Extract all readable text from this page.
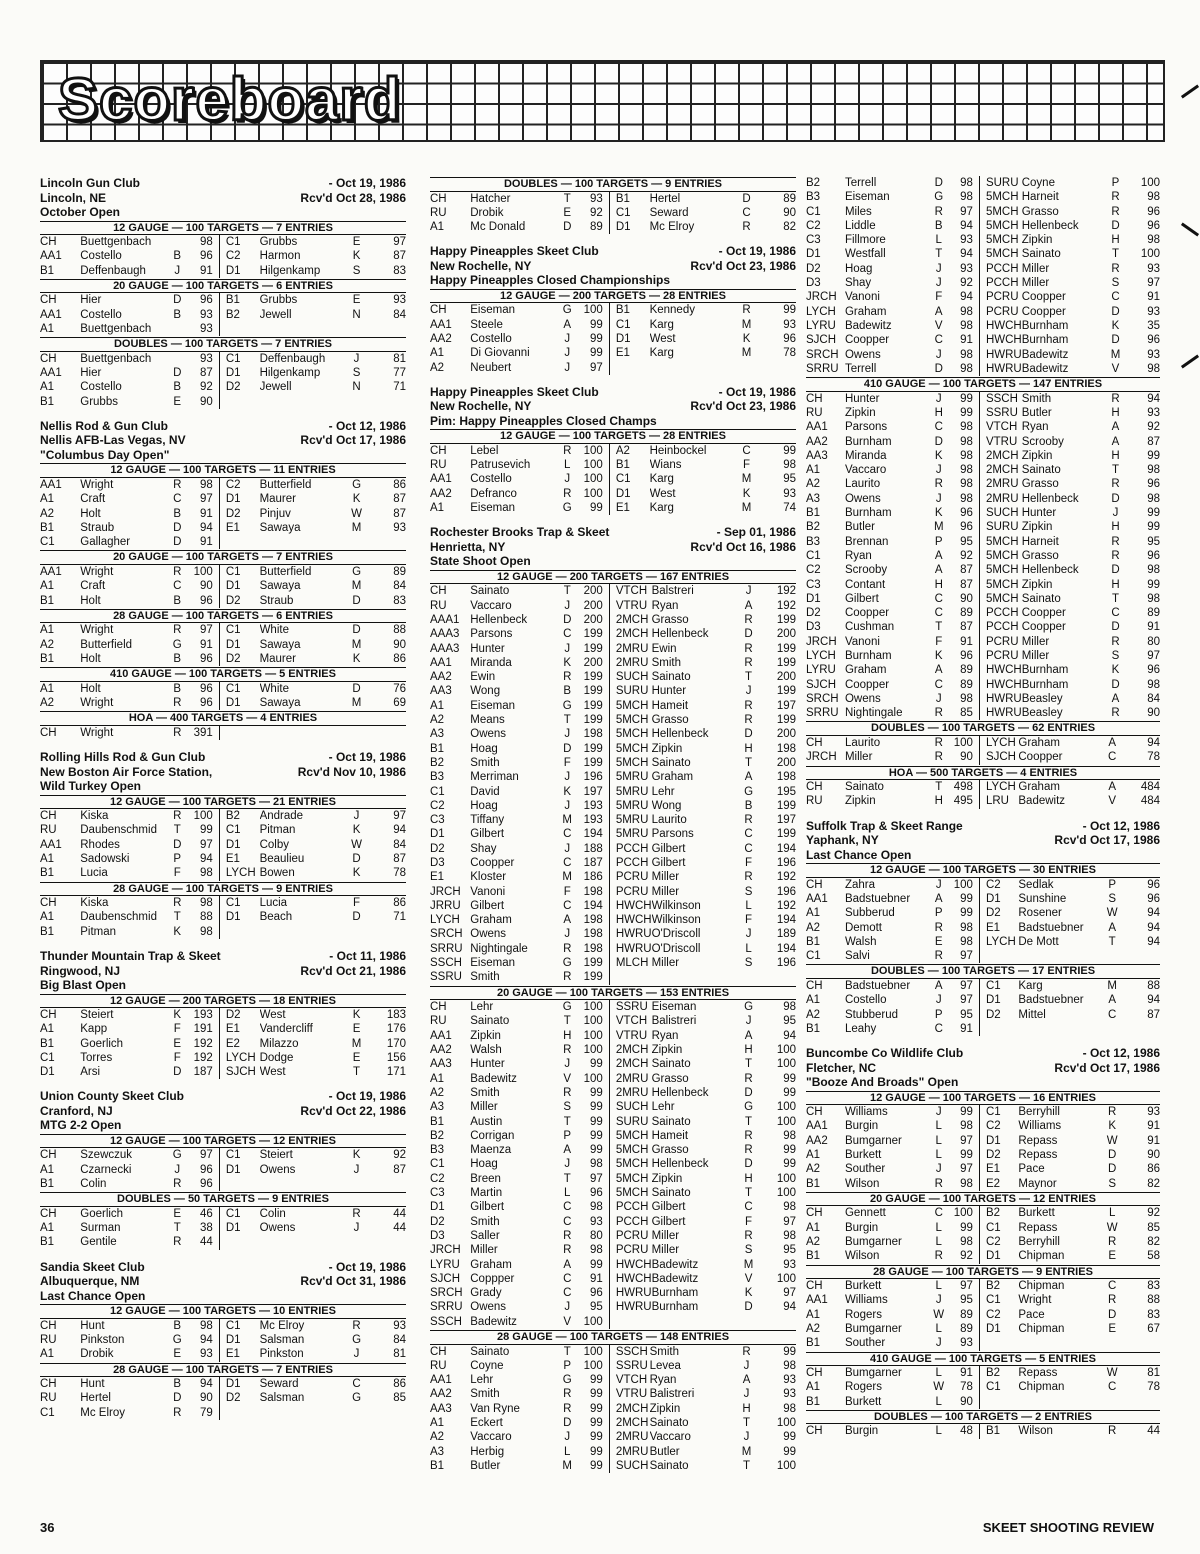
Scoreboard
Lincoln Gun Club	- Oct 19, 1986
Lincoln, NE	Rcv'd Oct 28, 1986
October Open
12 GAUGE — 100 TARGETS — 7 ENTRIES
CH	Buettgenbach		98	C1	Grubbs	E	97
AA1	Costello	B	96	C2	Harmon	K	87
B1	Deffenbaugh	J	91	D1	Hilgenkamp	S	83
20 GAUGE — 100 TARGETS — 6 ENTRIES
CH	Hier	D	96	B1	Grubbs	E	93
AA1	Costello	B	93	B2	Jewell	N	84
A1	Buettgenbach		93				
DOUBLES — 100 TARGETS — 7 ENTRIES
CH	Buettgenbach		93	C1	Deffenbaugh	J	81
AA1	Hier	D	87	D1	Hilgenkamp	S	77
A1	Costello	B	92	D2	Jewell	N	71
B1	Grubbs	E	90				
Nellis Rod & Gun Club	- Oct 12, 1986
Nellis AFB-Las Vegas, NV	Rcv'd Oct 17, 1986
"Columbus Day Open"
12 GAUGE — 100 TARGETS — 11 ENTRIES
AA1	Wright	R	98	C2	Butterfield	G	86
A1	Craft	C	97	D1	Maurer	K	87
A2	Holt	B	91	D2	Pinjuv	W	87
B1	Straub	D	94	E1	Sawaya	M	93
C1	Gallagher	D	91				
20 GAUGE — 100 TARGETS — 7 ENTRIES
AA1	Wright	R	100	C1	Butterfield	G	89
A1	Craft	C	90	D1	Sawaya	M	84
B1	Holt	B	96	D2	Straub	D	83
28 GAUGE — 100 TARGETS — 6 ENTRIES
A1	Wright	R	97	C1	White	D	88
A2	Butterfield	G	91	D1	Sawaya	M	90
B1	Holt	B	96	D2	Maurer	K	86
410 GAUGE — 100 TARGETS — 5 ENTRIES
A1	Holt	B	96	C1	White	D	76
A2	Wright	R	96	D1	Sawaya	M	69
HOA — 400 TARGETS — 4 ENTRIES
CH	Wright	R	391				
Rolling Hills Rod & Gun Club	- Oct 19, 1986
New Boston Air Force Station,	Rcv'd Nov 10, 1986
Wild Turkey Open
12 GAUGE — 100 TARGETS — 21 ENTRIES
CH	Kiska	R	100	B2	Andrade	J	97
RU	Daubenschmid	T	99	C1	Pitman	K	94
AA1	Rhodes	D	97	D1	Colby	W	84
A1	Sadowski	P	94	E1	Beaulieu	D	87
B1	Lucia	F	98	LYCH	Bowen	K	78
28 GAUGE — 100 TARGETS — 9 ENTRIES
CH	Kiska	R	98	C1	Lucia	F	86
A1	Daubenschmid	T	88	D1	Beach	D	71
B1	Pitman	K	98				
Thunder Mountain Trap & Skeet	- Oct 11, 1986
Ringwood, NJ	Rcv'd Oct 21, 1986
Big Blast Open
12 GAUGE — 200 TARGETS — 18 ENTRIES
CH	Steiert	K	193	D2	West	K	183
A1	Kapp	F	191	E1	Vandercliff	E	176
B1	Goerlich	E	192	E2	Milazzo	M	170
C1	Torres	F	192	LYCH	Dodge	E	156
D1	Arsi	D	187	SJCH	West	T	171
Union County Skeet Club	- Oct 19, 1986
Cranford, NJ	Rcv'd Oct 22, 1986
MTG 2-2 Open
12 GAUGE — 100 TARGETS — 12 ENTRIES
CH	Szewczuk	G	97	C1	Steiert	K	92
A1	Czarnecki	J	96	D1	Owens	J	87
B1	Colin	R	96				
DOUBLES — 50 TARGETS — 9 ENTRIES
CH	Goerlich	E	46	C1	Colin	R	44
A1	Surman	T	38	D1	Owens	J	44
B1	Gentile	R	44				
Sandia Skeet Club	- Oct 19, 1986
Albuquerque, NM	Rcv'd Oct 31, 1986
Last Chance Open
12 GAUGE — 100 TARGETS — 10 ENTRIES
CH	Hunt	B	98	C1	Mc Elroy	R	93
RU	Pinkston	G	94	D1	Salsman	G	84
A1	Drobik	E	93	E1	Pinkston	J	81
28 GAUGE — 100 TARGETS — 7 ENTRIES
CH	Hunt	B	94	D1	Seward	C	86
RU	Hertel	D	90	D2	Salsman	G	85
C1	Mc Elroy	R	79				
DOUBLES — 100 TARGETS — 9 ENTRIES
CH	Hatcher	T	93	B1	Hertel	D	89
RU	Drobik	E	92	C1	Seward	C	90
A1	Mc Donald	D	89	D1	Mc Elroy	R	82
Happy Pineapples Skeet Club	- Oct 19, 1986
New Rochelle, NY	Rcv'd Oct 23, 1986
Happy Pineapples Closed Championships
12 GAUGE — 200 TARGETS — 28 ENTRIES
CH	Eiseman	G	100	B1	Kennedy	R	99
AA1	Steele	A	99	C1	Karg	M	93
AA2	Costello	J	99	D1	West	K	96
A1	Di Giovanni	J	99	E1	Karg	M	78
A2	Neubert	J	97				
Happy Pineapples Skeet Club	- Oct 19, 1986
New Rochelle, NY	Rcv'd Oct 23, 1986
Pim: Happy Pineapples Closed Champs
12 GAUGE — 100 TARGETS — 28 ENTRIES
CH	Lebel	R	100	A2	Heinbockel	C	99
RU	Patrusevich	L	100	B1	Wians	F	98
AA1	Costello	J	100	C1	Karg	M	95
AA2	Defranco	R	100	D1	West	K	93
A1	Eiseman	G	99	E1	Karg	M	74
Rochester Brooks Trap & Skeet	- Sep 01, 1986
Henrietta, NY	Rcv'd Oct 16, 1986
State Shoot Open
12 GAUGE — 200 TARGETS — 167 ENTRIES
CH	Sainato	T	200	VTCH	Balstreri	J	192
RU	Vaccaro	J	200	VTRU	Ryan	A	192
AAA1	Hellenbeck	D	200	2MCH	Grasso	R	199
AAA3	Parsons	C	199	2MCH	Hellenbeck	D	200
AAA3	Hunter	J	199	2MRU	Ewin	R	199
AA1	Miranda	K	200	2MRU	Smith	R	199
AA2	Ewin	R	199	SUCH	Sainato	T	200
AA3	Wong	B	199	SURU	Hunter	J	199
A1	Eiseman	G	199	5MCH	Hameit	R	197
A2	Means	T	199	5MCH	Grasso	R	199
A3	Owens	J	198	5MCH	Hellenbeck	D	200
B1	Hoag	D	199	5MCH	Zipkin	H	198
B2	Smith	F	199	5MCH	Sainato	T	200
B3	Merriman	J	196	5MRU	Graham	A	198
C1	David	K	197	5MRU	Lehr	G	195
C2	Hoag	J	193	5MRU	Wong	B	199
C3	Tiffany	M	193	5MRU	Laurito	R	197
D1	Gilbert	C	194	5MRU	Parsons	C	199
D2	Shay	J	188	PCCH	Gilbert	C	194
D3	Coopper	C	187	PCCH	Gilbert	F	196
E1	Kloster	M	186	PCRU	Miller	R	192
JRCH	Vanoni	F	198	PCRU	Miller	S	196
JRRU	Gilbert	C	194	HWCH	Wilkinson	L	192
LYCH	Graham	A	198	HWCH	Wilkinson	F	194
SRCH	Owens	J	198	HWRU	O'Driscoll	J	189
SRRU	Nightingale	R	198	HWRU	O'Driscoll	L	194
SSCH	Eiseman	G	199	MLCH	Miller	S	196
SSRU	Smith	R	199				
20 GAUGE — 100 TARGETS — 153 ENTRIES
CH	Lehr	G	100	SSRU	Eiseman	G	98
RU	Sainato	T	100	VTCH	Balistreri	J	95
AA1	Zipkin	H	100	VTRU	Ryan	A	94
AA2	Walsh	R	100	2MCH	Zipkin	H	100
AA3	Hunter	J	99	2MCH	Sainato	T	100
A1	Badewitz	V	100	2MRU	Grasso	R	99
A2	Smith	R	99	2MRU	Hellenbeck	D	99
A3	Miller	S	99	SUCH	Lehr	G	100
B1	Austin	T	99	SURU	Sainato	T	100
B2	Corrigan	P	99	5MCH	Hameit	R	98
B3	Maenza	A	99	5MCH	Grasso	R	99
C1	Hoag	J	98	5MCH	Hellenbeck	D	99
C2	Breen	T	97	5MCH	Zipkin	H	100
C3	Martin	L	96	5MCH	Sainato	T	100
D1	Gilbert	C	98	PCCH	Gilbert	C	98
D2	Smith	C	93	PCCH	Gilbert	F	97
D3	Saller	R	80	PCRU	Miller	R	98
JRCH	Miller	R	98	PCRU	Miller	S	95
LYRU	Graham	A	99	HWCH	Badewitz	M	93
SJCH	Coppper	C	91	HWCH	Badewitz	V	100
SRCH	Grady	C	96	HWRU	Burnham	K	97
SRRU	Owens	J	95	HWRU	Burnham	D	94
SSCH	Badewitz	V	100				
28 GAUGE — 100 TARGETS — 148 ENTRIES
CH	Sainato	T	100	SSCH	Smith	R	99
RU	Coyne	P	100	SSRU	Levea	J	98
AA1	Lehr	G	99	VTCH	Ryan	A	93
AA2	Smith	R	99	VTRU	Balistreri	J	93
AA3	Van Ryne	R	99	2MCH	Zipkin	H	98
A1	Eckert	D	99	2MCH	Sainato	T	100
A2	Vaccaro	J	99	2MRU	Vaccaro	J	99
A3	Herbig	L	99	2MRU	Butler	M	99
B1	Butler	M	99	SUCH	Sainato	T	100
B2	Terrell	D	98	SURU	Coyne	P	100
B3	Eiseman	G	98	5MCH	Harneit	R	98
C1	Miles	R	97	5MCH	Grasso	R	96
C2	Liddle	B	94	5MCH	Hellenbeck	D	96
C3	Fillmore	L	93	5MCH	Zipkin	H	98
D1	Westfall	T	94	5MCH	Sainato	T	100
D2	Hoag	J	93	PCCH	Miller	R	93
D3	Shay	J	92	PCCH	Miller	S	97
JRCH	Vanoni	F	94	PCRU	Coopper	C	91
LYCH	Graham	A	98	PCRU	Coopper	D	93
LYRU	Badewitz	V	98	HWCH	Burnham	K	35
SJCH	Coopper	C	91	HWCH	Burnham	D	96
SRCH	Owens	J	98	HWRU	Badewitz	M	93
SRRU	Terrell	D	98	HWRU	Badewitz	V	98
410 GAUGE — 100 TARGETS — 147 ENTRIES
CH	Hunter	J	99	SSCH	Smith	R	94
RU	Zipkin	H	99	SSRU	Butler	H	93
AA1	Parsons	C	98	VTCH	Ryan	A	92
AA2	Burnham	D	98	VTRU	Scrooby	A	87
AA3	Miranda	K	98	2MCH	Zipkin	H	99
A1	Vaccaro	J	98	2MCH	Sainato	T	98
A2	Laurito	R	98	2MRU	Grasso	R	96
A3	Owens	J	98	2MRU	Hellenbeck	D	98
B1	Burnham	K	96	SUCH	Hunter	J	99
B2	Butler	M	96	SURU	Zipkin	H	99
B3	Brennan	P	95	5MCH	Harneit	R	95
C1	Ryan	A	92	5MCH	Grasso	R	96
C2	Scrooby	A	87	5MCH	Hellenbeck	D	98
C3	Contant	H	87	5MCH	Zipkin	H	99
D1	Gilbert	C	90	5MCH	Sainato	T	98
D2	Coopper	C	89	PCCH	Coopper	C	89
D3	Cushman	T	87	PCCH	Coopper	D	91
JRCH	Vanoni	F	91	PCRU	Miller	R	80
LYCH	Burnham	K	96	PCRU	Miller	S	97
LYRU	Graham	A	89	HWCH	Burnham	K	96
SJCH	Coopper	C	89	HWCH	Burnham	D	98
SRCH	Owens	J	98	HWRU	Beasley	A	84
SRRU	Nightingale	R	85	HWRU	Beasley	R	90
DOUBLES — 100 TARGETS — 62 ENTRIES
CH	Laurito	R	100	LYCH	Graham	A	94
JRCH	Miller	R	90	SJCH	Coopper	C	78
HOA — 500 TARGETS — 4 ENTRIES
CH	Sainato	T	498	LYCH	Graham	A	484
RU	Zipkin	H	495	LRU	Badewitz	V	484
Suffolk Trap & Skeet Range	- Oct 12, 1986
Yaphank, NY	Rcv'd Oct 17, 1986
Last Chance Open
12 GAUGE — 100 TARGETS — 30 ENTRIES
CH	Zahra	J	100	C2	Sedlak	P	96
AA1	Badstuebner	A	99	D1	Sunshine	S	96
A1	Subberud	P	99	D2	Rosener	W	94
A2	Demott	R	98	E1	Badstuebner	A	94
B1	Walsh	E	98	LYCH	De Mott	T	94
C1	Salvi	R	97				
DOUBLES — 100 TARGETS — 17 ENTRIES
CH	Badstuebner	A	97	C1	Karg	M	88
A1	Costello	J	97	D1	Badstuebner	A	94
A2	Stubberud	P	95	D2	Mittel	C	87
B1	Leahy	C	91				
Buncombe Co Wildlife Club	- Oct 12, 1986
Fletcher, NC	Rcv'd Oct 17, 1986
"Booze And Broads" Open
12 GAUGE — 100 TARGETS — 16 ENTRIES
CH	Williams	J	99	C1	Berryhill	R	93
AA1	Burgin	L	98	C2	Williams	K	91
AA2	Bumgarner	L	97	D1	Repass	W	91
A1	Burkett	L	99	D2	Repass	D	90
A2	Souther	J	97	E1	Pace	D	86
B1	Wilson	R	98	E2	Maynor	S	82
20 GAUGE — 100 TARGETS — 12 ENTRIES
CH	Gennett	C	100	B2	Burkett	L	92
A1	Burgin	L	99	C1	Repass	W	85
A2	Bumgarner	L	98	C2	Berryhill	R	82
B1	Wilson	R	92	D1	Chipman	E	58
28 GAUGE — 100 TARGETS — 9 ENTRIES
CH	Burkett	L	97	B2	Chipman	C	83
AA1	Williams	J	95	C1	Wright	R	88
A1	Rogers	W	89	C2	Pace	D	83
A2	Bumgarner	L	89	D1	Chipman	E	67
B1	Souther	J	93				
410 GAUGE — 100 TARGETS — 5 ENTRIES
CH	Bumgarner	L	91	B2	Repass	W	81
A1	Rogers	W	78	C1	Chipman	C	78
B1	Burkett	L	90				
DOUBLES — 100 TARGETS — 2 ENTRIES
CH	Burgin	L	48	B1	Wilson	R	44
36	SKEET SHOOTING REVIEW
